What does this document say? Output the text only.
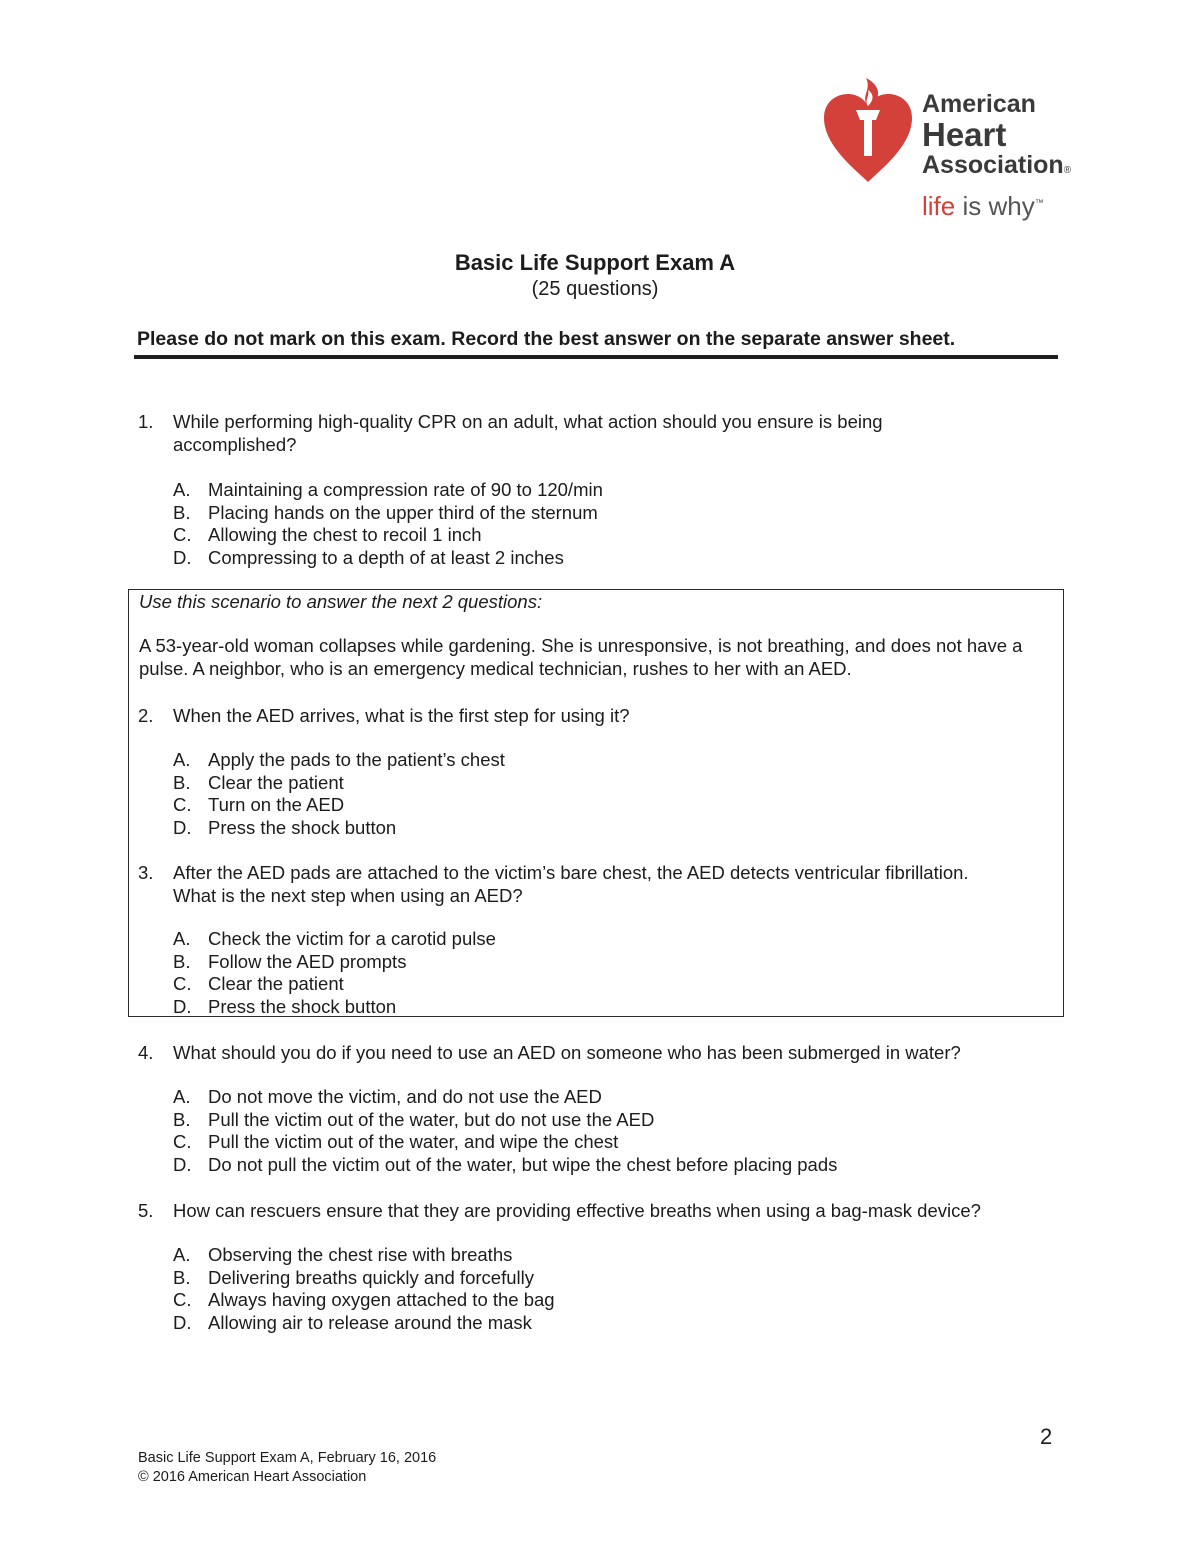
American
Heart
Association®
life is why™
Basic Life Support Exam A
(25 questions)
Please do not mark on this exam. Record the best answer on the separate answer sheet.
1. While performing high-quality CPR on an adult, what action should you ensure is being
accomplished?
A. Maintaining a compression rate of 90 to 120/min
B. Placing hands on the upper third of the sternum
C. Allowing the chest to recoil 1 inch
D. Compressing to a depth of at least 2 inches
Use this scenario to answer the next 2 questions:
A 53-year-old woman collapses while gardening. She is unresponsive, is not breathing, and does not have a pulse. A neighbor, who is an emergency medical technician, rushes to her with an AED.
2. When the AED arrives, what is the first step for using it?
A. Apply the pads to the patient’s chest
B. Clear the patient
C. Turn on the AED
D. Press the shock button
3. After the AED pads are attached to the victim’s bare chest, the AED detects ventricular fibrillation.
What is the next step when using an AED?
A. Check the victim for a carotid pulse
B. Follow the AED prompts
C. Clear the patient
D. Press the shock button
4. What should you do if you need to use an AED on someone who has been submerged in water?
A. Do not move the victim, and do not use the AED
B. Pull the victim out of the water, but do not use the AED
C. Pull the victim out of the water, and wipe the chest
D. Do not pull the victim out of the water, but wipe the chest before placing pads
5. How can rescuers ensure that they are providing effective breaths when using a bag-mask device?
A. Observing the chest rise with breaths
B. Delivering breaths quickly and forcefully
C. Always having oxygen attached to the bag
D. Allowing air to release around the mask
2
Basic Life Support Exam A, February 16, 2016
© 2016 American Heart Association
